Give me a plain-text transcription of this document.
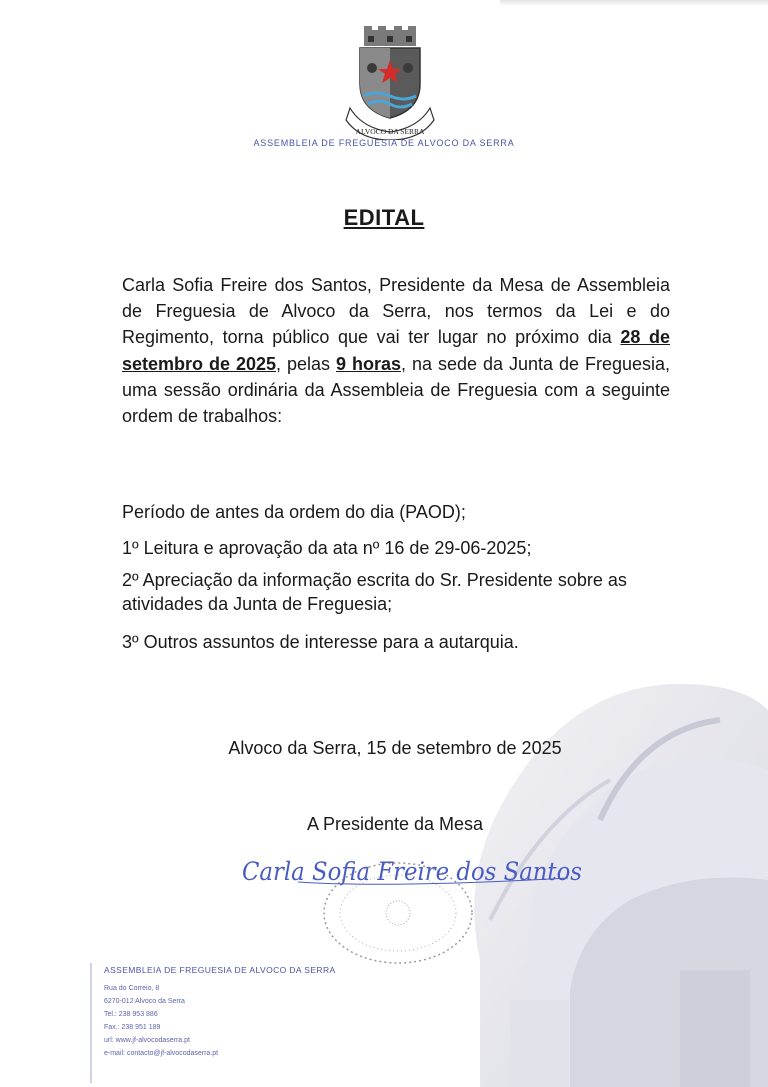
ALVOCO DA SERRA
ASSEMBLEIA DE FREGUESIA DE ALVOCO DA SERRA
EDITAL
Carla Sofia Freire dos Santos, Presidente da Mesa de Assembleia de Freguesia de Alvoco da Serra, nos termos da Lei e do Regimento, torna público que vai ter lugar no próximo dia 28 de setembro de 2025, pelas 9 horas, na sede da Junta de Freguesia, uma sessão ordinária da Assembleia de Freguesia com a seguinte ordem de trabalhos:

Período de antes da ordem do dia (PAOD);

1º Leitura e aprovação da ata nº 16 de 29-06-2025;

2º Apreciação da informação escrita do Sr. Presidente sobre as atividades da Junta de Freguesia;

3º Outros assuntos de interesse para a autarquia.

Alvoco da Serra, 15 de setembro de 2025
A Presidente da Mesa
Carla Sofia Freire dos Santos
ASSEMBLEIA DE FREGUESIA DE ALVOCO DA SERRA
Rua do Correio, 8
6270-012 Alvoco da Serra
Tel.: 238 953 886
Fax.: 238 951 189
url: www.jf-alvocodaserra.pt
e-mail: contacto@jf-alvocodaserra.pt
